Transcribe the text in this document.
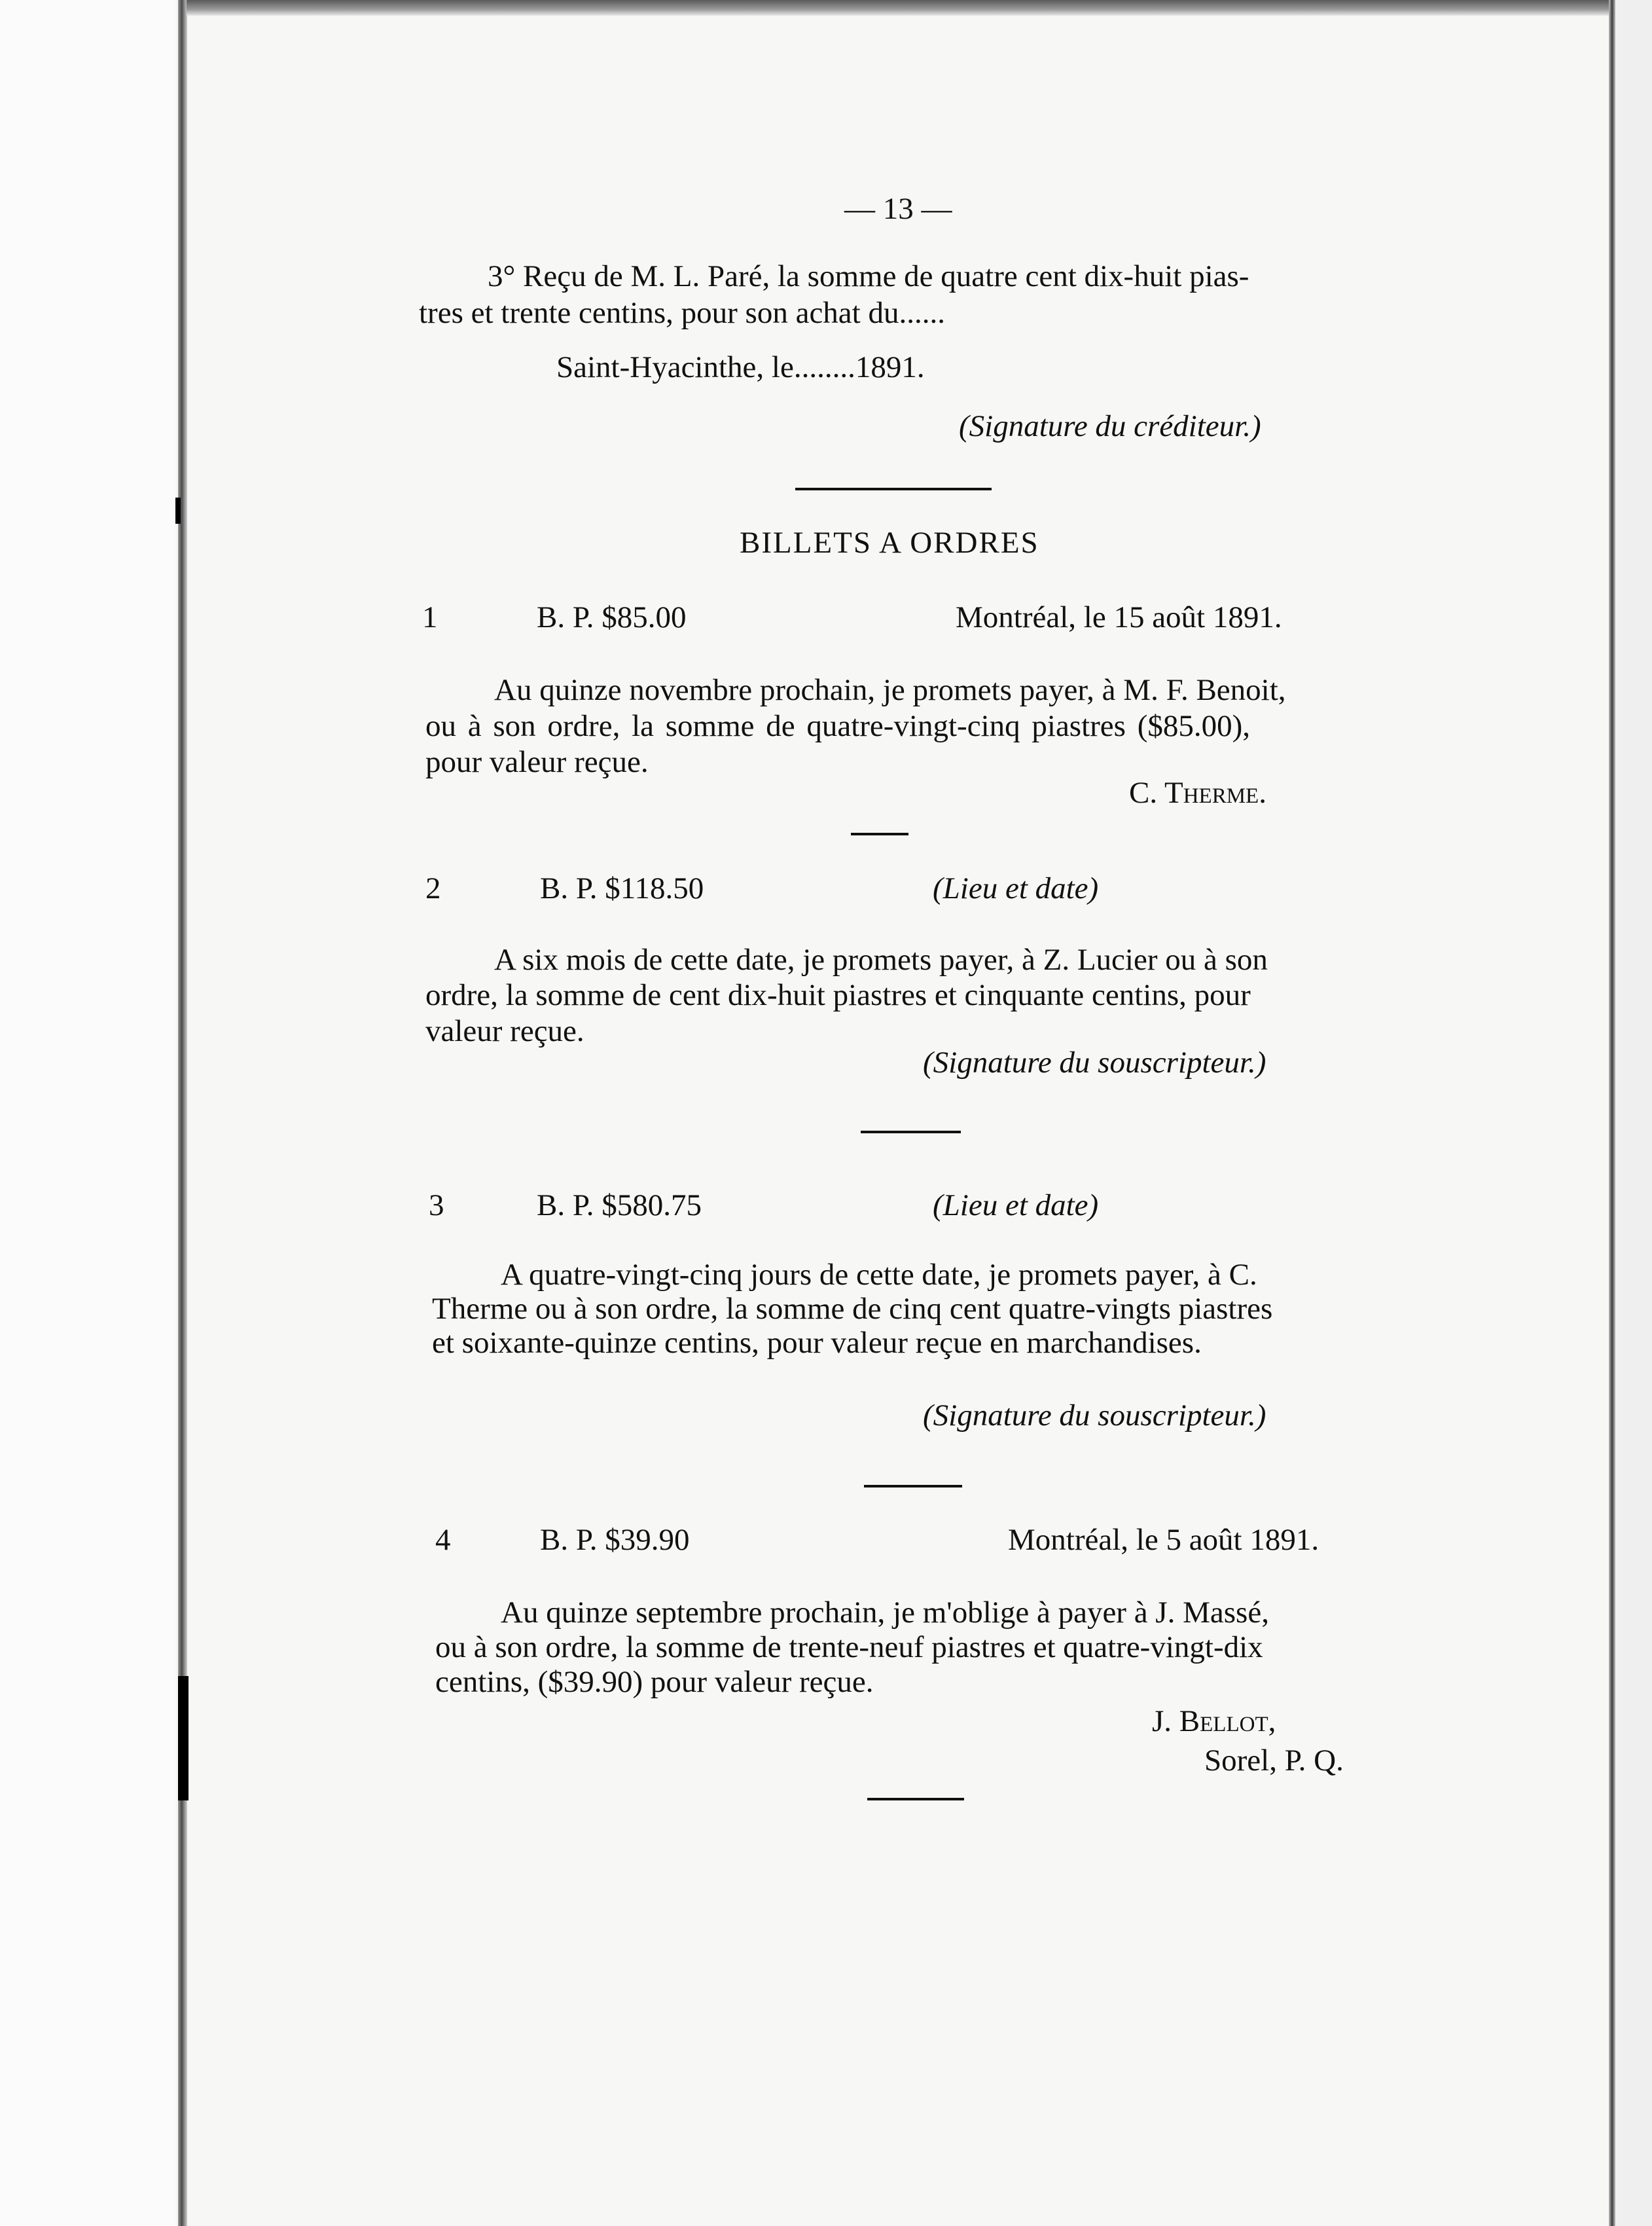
— 13 —
3° Reçu de M. L. Paré, la somme de quatre cent dix-huit pias-
tres et trente centins, pour son achat du......
Saint-Hyacinthe, le........1891.
(Signature du créditeur.)
BILLETS A ORDRES
1	B. P. $85.00	Montréal, le 15 août 1891.
Au quinze novembre prochain, je promets payer, à M. F. Benoit,
ou à son ordre, la somme de quatre-vingt-cinq piastres ($85.00),
pour valeur reçue.
C. Therme.
2	B. P. $118.50	(Lieu et date)
A six mois de cette date, je promets payer, à Z. Lucier ou à son
ordre, la somme de cent dix-huit piastres et cinquante centins, pour
valeur reçue.
(Signature du souscripteur.)
3	B. P. $580.75	(Lieu et date)
A quatre-vingt-cinq jours de cette date, je promets payer, à C.
Therme ou à son ordre, la somme de cinq cent quatre-vingts piastres
et soixante-quinze centins, pour valeur reçue en marchandises.
(Signature du souscripteur.)
4	B. P. $39.90	Montréal, le 5 août 1891.
Au quinze septembre prochain, je m'oblige à payer à J. Massé,
ou à son ordre, la somme de trente-neuf piastres et quatre-vingt-dix
centins, ($39.90) pour valeur reçue.
J. Bellot,
Sorel, P. Q.
